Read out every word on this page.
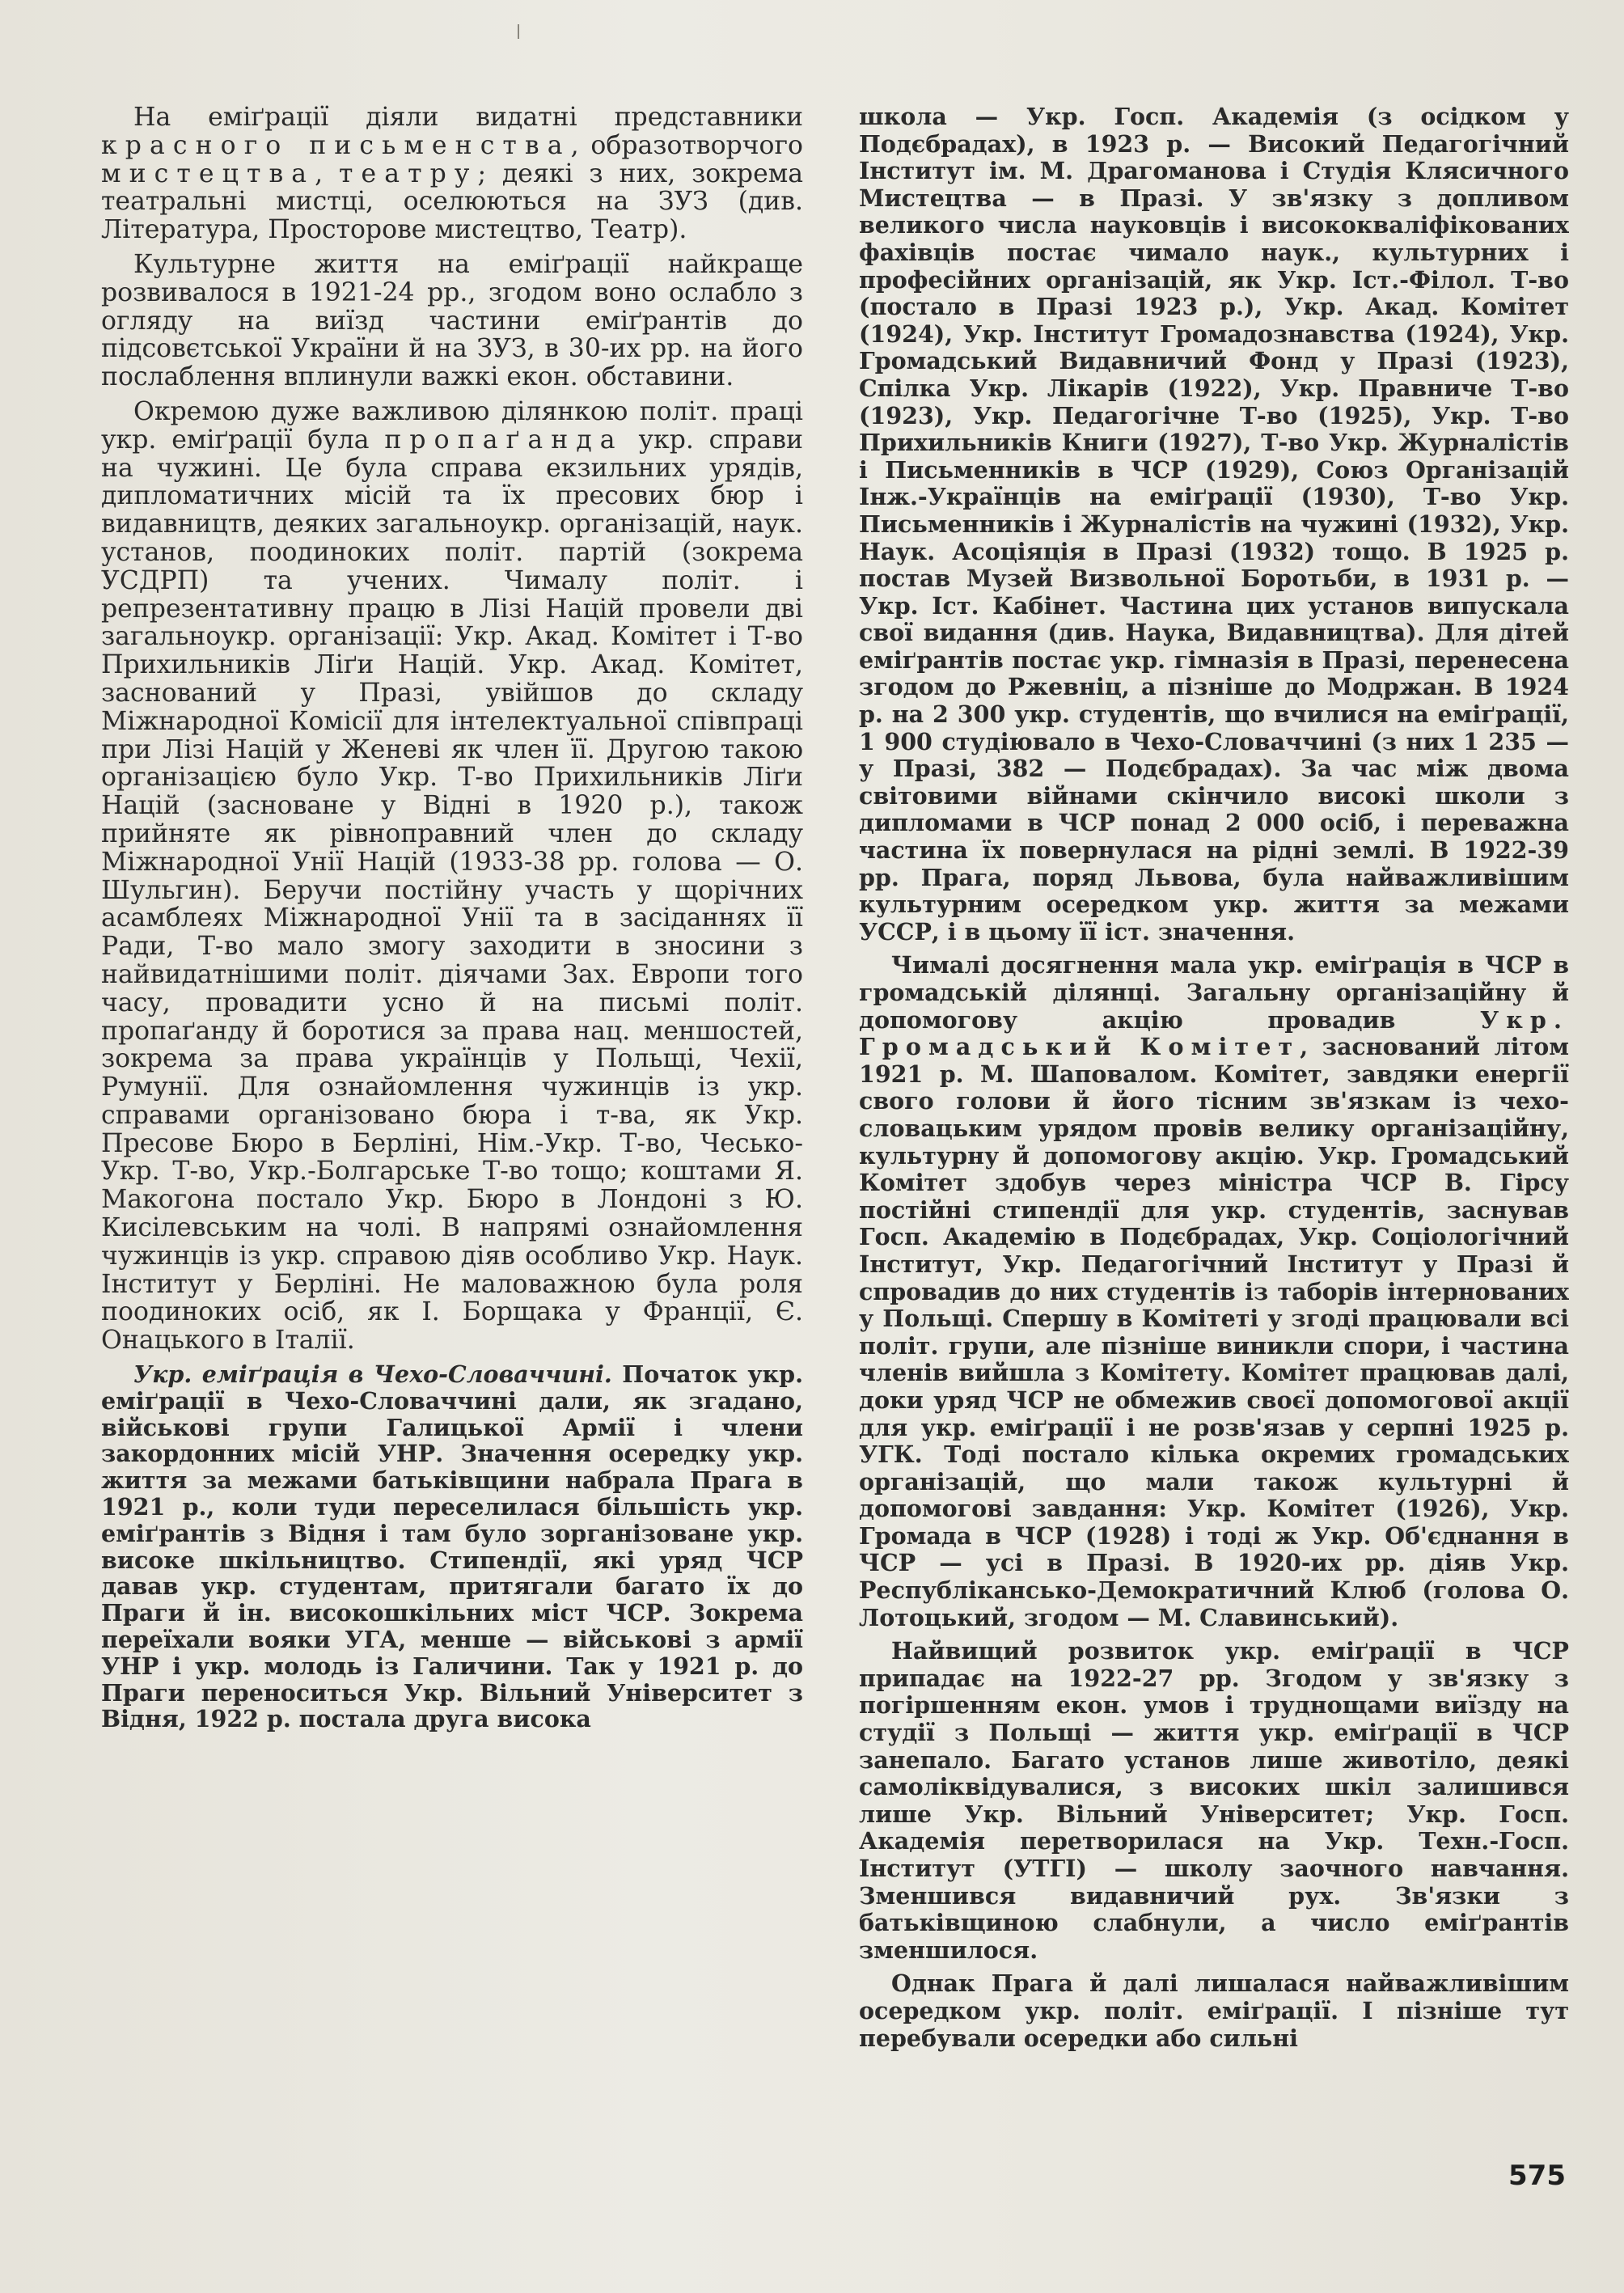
На еміґрації діяли видатні представники красного письменства, образотворчого мистецтва, театру; деякі з них, зокрема театральні мистці, оселюються на ЗУЗ (див. Література, Просторове мистецтво, Театр).

Культурне життя на еміґрації найкраще розвивалося в 1921-24 рр., згодом воно ослабло з огляду на виїзд частини еміґрантів до підсовєтської України й на ЗУЗ, в 30-их рр. на його послаблення вплинули важкі екон. обставини.

Окремою дуже важливою ділянкою політ. праці укр. еміґрації була пропаґанда укр. справи на чужині. Це була справа екзильних урядів, дипломатичних місій та їх пресових бюр і видавництв, деяких загальноукр. організацій, наук. установ, поодиноких політ. партій (зокрема УСДРП) та учених. Чималу політ. і репрезентативну працю в Лізі Націй провели дві загальноукр. організації: Укр. Акад. Комітет і Т-во Прихильників Ліґи Націй. Укр. Акад. Комітет, заснований у Празі, увійшов до складу Міжнародної Комісії для інтелектуальної співпраці при Лізі Націй у Женеві як член її. Другою такою організацією було Укр. Т-во Прихильників Ліґи Націй (засноване у Відні в 1920 р.), також прийняте як рівноправний член до складу Міжнародної Унії Націй (1933-38 рр. голова — О. Шульгин). Беручи постійну участь у щорічних асамблеях Міжнародної Унії та в засіданнях її Ради, Т-во мало змогу заходити в зносини з найвидатнішими політ. діячами Зах. Европи того часу, провадити усно й на письмі політ. пропаґанду й боротися за права нац. меншостей, зокрема за права українців у Польщі, Чехії, Румунії. Для ознайомлення чужинців із укр. справами організовано бюра і т-ва, як Укр. Пресове Бюро в Берліні, Нім.-Укр. Т-во, Чесько-Укр. Т-во, Укр.-Болгарське Т-во тощо; коштами Я. Макогона постало Укр. Бюро в Лондоні з Ю. Кисілевським на чолі. В напрямі ознайомлення чужинців із укр. справою діяв особливо Укр. Наук. Інститут у Берліні. Не маловажною була роля поодиноких осіб, як І. Борщака у Франції, Є. Онацького в Італії.

Укр. еміґрація в Чехо-Словаччині. Початок укр. еміґрації в Чехо-Словаччині дали, як згадано, військові групи Галицької Армії і члени закордонних місій УНР. Значення осередку укр. життя за межами батьківщини набрала Прага в 1921 р., коли туди переселилася більшість укр. еміґрантів з Відня і там було зорганізоване укр. високе шкільництво. Стипендії, які уряд ЧСР давав укр. студентам, притягали багато їх до Праги й ін. високошкільних міст ЧСР. Зокрема переїхали вояки УГА, менше — військові з армії УНР і укр. молодь із Галичини. Так у 1921 р. до Праги переноситься Укр. Вільний Університет з Відня, 1922 р. постала друга висока

школа — Укр. Госп. Академія (з осідком у Подєбрадах), в 1923 р. — Високий Педагогічний Інститут ім. М. Драгоманова і Студія Клясичного Мистецтва — в Празі. У зв'язку з допливом великого числа науковців і висококваліфікованих фахівців постає чимало наук., культурних і професійних організацій, як Укр. Іст.-Філол. Т-во (постало в Празі 1923 р.), Укр. Акад. Комітет (1924), Укр. Інститут Громадознавства (1924), Укр. Громадський Видавничий Фонд у Празі (1923), Спілка Укр. Лікарів (1922), Укр. Правниче Т-во (1923), Укр. Педагогічне Т-во (1925), Укр. Т-во Прихильників Книги (1927), Т-во Укр. Журналістів і Письменників в ЧСР (1929), Союз Організацій Інж.-Українців на еміґрації (1930), Т-во Укр. Письменників і Журналістів на чужині (1932), Укр. Наук. Асоціяція в Празі (1932) тощо. В 1925 р. постав Музей Визвольної Боротьби, в 1931 р. — Укр. Іст. Кабінет. Частина цих установ випускала свої видання (див. Наука, Видавництва). Для дітей еміґрантів постає укр. гімназія в Празі, перенесена згодом до Ржевніц, а пізніше до Модржан. В 1924 р. на 2 300 укр. студентів, що вчилися на еміґрації, 1 900 студіювало в Чехо-Словаччині (з них 1 235 — у Празі, 382 — Подєбрадах). За час між двома світовими війнами скінчило високі школи з дипломами в ЧСР понад 2 000 осіб, і переважна частина їх повернулася на рідні землі. В 1922-39 рр. Прага, поряд Львова, була найважливішим культурним осередком укр. життя за межами УССР, і в цьому її іст. значення.

Чималі досягнення мала укр. еміґрація в ЧСР в громадській ділянці. Загальну організаційну й допомогову акцію провадив Укр. Громадський Комітет, заснований літом 1921 р. М. Шаповалом. Комітет, завдяки енергії свого голови й його тісним зв'язкам із чехо-словацьким урядом провів велику організаційну, культурну й допомогову акцію. Укр. Громадський Комітет здобув через міністра ЧСР В. Гірсу постійні стипендії для укр. студентів, заснував Госп. Академію в Подєбрадах, Укр. Соціологічний Інститут, Укр. Педагогічний Інститут у Празі й спровадив до них студентів із таборів інтернованих у Польщі. Спершу в Комітеті у згоді працювали всі політ. групи, але пізніше виникли спори, і частина членів вийшла з Комітету. Комітет працював далі, доки уряд ЧСР не обмежив своєї допомогової акції для укр. еміґрації і не розв'язав у серпні 1925 р. УГК. Тоді постало кілька окремих громадських організацій, що мали також культурні й допомогові завдання: Укр. Комітет (1926), Укр. Громада в ЧСР (1928) і тоді ж Укр. Об'єднання в ЧСР — усі в Празі. В 1920-их рр. діяв Укр. Республіканськo-Демократичний Клюб (голова О. Лотоцький, згодом — М. Славинський).

Найвищий розвиток укр. еміґрації в ЧСР припадає на 1922-27 рр. Згодом у зв'язку з погіршенням екон. умов і труднощами виїзду на студії з Польщі — життя укр. еміґрації в ЧСР занепало. Багато установ лише животіло, деякі самоліквідувалися, з високих шкіл залишився лише Укр. Вільний Університет; Укр. Госп. Академія перетворилася на Укр. Техн.-Госп. Інститут (УТГІ) — школу заочного навчання. Зменшився видавничий рух. Зв'язки з батьківщиною слабнули, а число еміґрантів зменшилося.

Однак Прага й далі лишалася найважливішим осередком укр. політ. еміґрації. І пізніше тут перебували осередки або сильні

575
